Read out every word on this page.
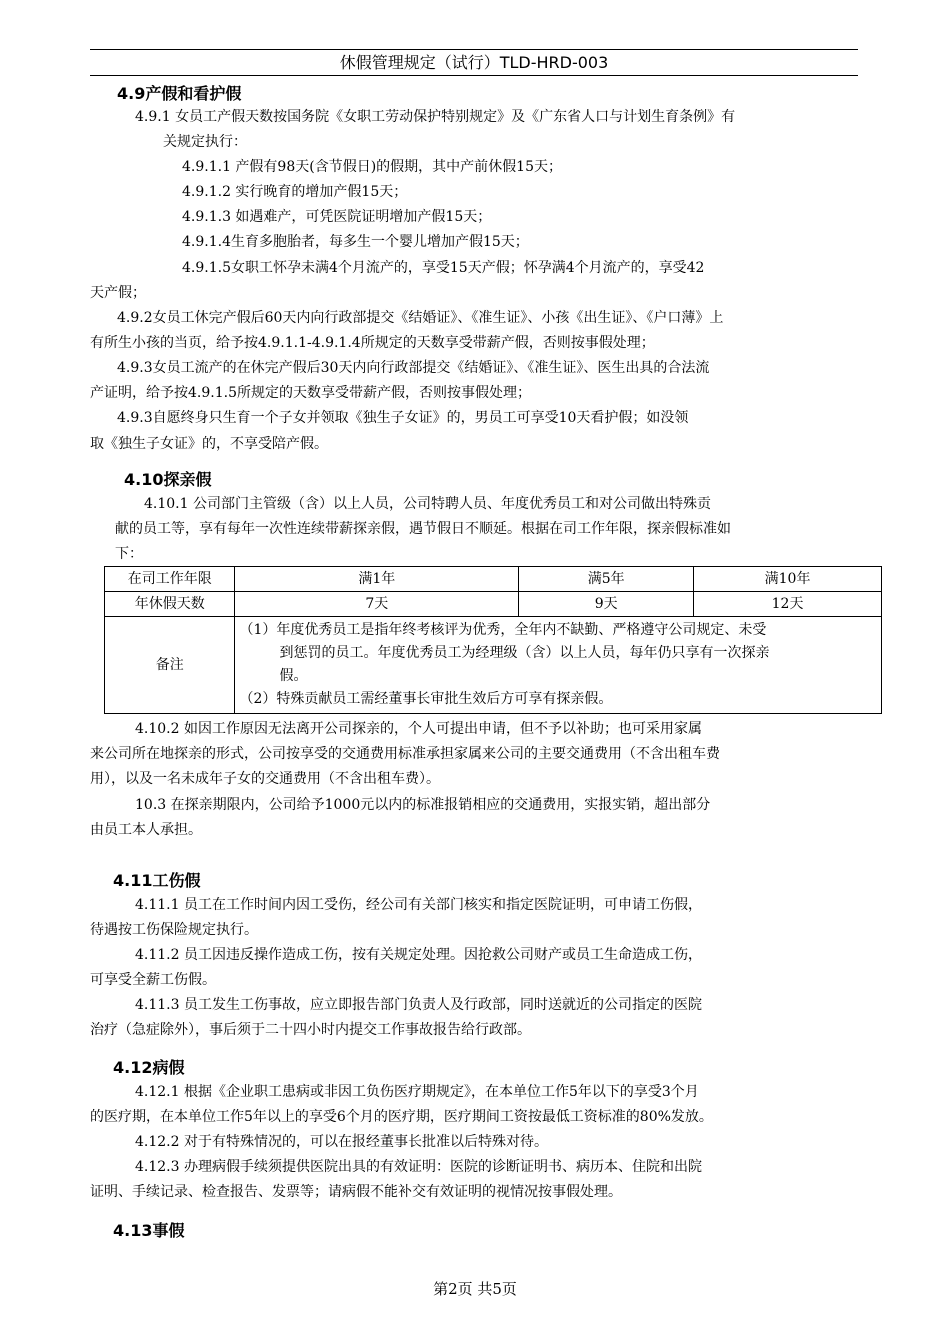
休假管理规定（试行）TLD-HRD-003
4.9产假和看护假
4.9.1 女员工产假天数按国务院《女职工劳动保护特别规定》及《广东省人口与计划生育条例》有
关规定执行：
4.9.1.1 产假有98天(含节假日)的假期，其中产前休假15天；
4.9.1.2 实行晚育的增加产假15天；
4.9.1.3 如遇难产，可凭医院证明增加产假15天；
4.9.1.4生育多胞胎者，每多生一个婴儿增加产假15天；
4.9.1.5女职工怀孕未满4个月流产的，享受15天产假；怀孕满4个月流产的，享受42
天产假；
4.9.2女员工休完产假后60天内向行政部提交《结婚证》、《准生证》、小孩《出生证》、《户口薄》上
有所生小孩的当页，给予按4.9.1.1-4.9.1.4所规定的天数享受带薪产假，否则按事假处理；
4.9.3女员工流产的在休完产假后30天内向行政部提交《结婚证》、《准生证》、医生出具的合法流
产证明，给予按4.9.1.5所规定的天数享受带薪产假，否则按事假处理；
4.9.3自愿终身只生育一个子女并领取《独生子女证》的，男员工可享受10天看护假；如没领
取《独生子女证》的，不享受陪产假。
4.10探亲假
4.10.1 公司部门主管级（含）以上人员，公司特聘人员、年度优秀员工和对公司做出特殊贡
献的员工等，享有每年一次性连续带薪探亲假，遇节假日不顺延。根据在司工作年限，探亲假标准如
下：
在司工作年限	满1年	满5年	满10年
年休假天数	7天	9天	12天
备注	（1）年度优秀员工是指年终考核评为优秀，全年内不缺勤、严格遵守公司规定、未受
到惩罚的员工。年度优秀员工为经理级（含）以上人员，每年仍只享有一次探亲
假。
（2）特殊贡献员工需经董事长审批生效后方可享有探亲假。		
4.10.2 如因工作原因无法离开公司探亲的，个人可提出申请，但不予以补助；也可采用家属
来公司所在地探亲的形式，公司按享受的交通费用标准承担家属来公司的主要交通费用（不含出租车费
用），以及一名未成年子女的交通费用（不含出租车费）。
10.3 在探亲期限内，公司给予1000元以内的标准报销相应的交通费用，实报实销，超出部分
由员工本人承担。
4.11工伤假
4.11.1 员工在工作时间内因工受伤，经公司有关部门核实和指定医院证明，可申请工伤假，
待遇按工伤保险规定执行。
4.11.2 员工因违反操作造成工伤，按有关规定处理。因抢救公司财产或员工生命造成工伤，
可享受全薪工伤假。
4.11.3 员工发生工伤事故，应立即报告部门负责人及行政部，同时送就近的公司指定的医院
治疗（急症除外），事后须于二十四小时内提交工作事故报告给行政部。
4.12病假
4.12.1 根据《企业职工患病或非因工负伤医疗期规定》，在本单位工作5年以下的享受3个月
的医疗期，在本单位工作5年以上的享受6个月的医疗期，医疗期间工资按最低工资标准的80%发放。
4.12.2 对于有特殊情况的，可以在报经董事长批准以后特殊对待。
4.12.3 办理病假手续须提供医院出具的有效证明：医院的诊断证明书、病历本、住院和出院
证明、手续记录、检查报告、发票等；请病假不能补交有效证明的视情况按事假处理。
4.13事假
第2页 共5页
